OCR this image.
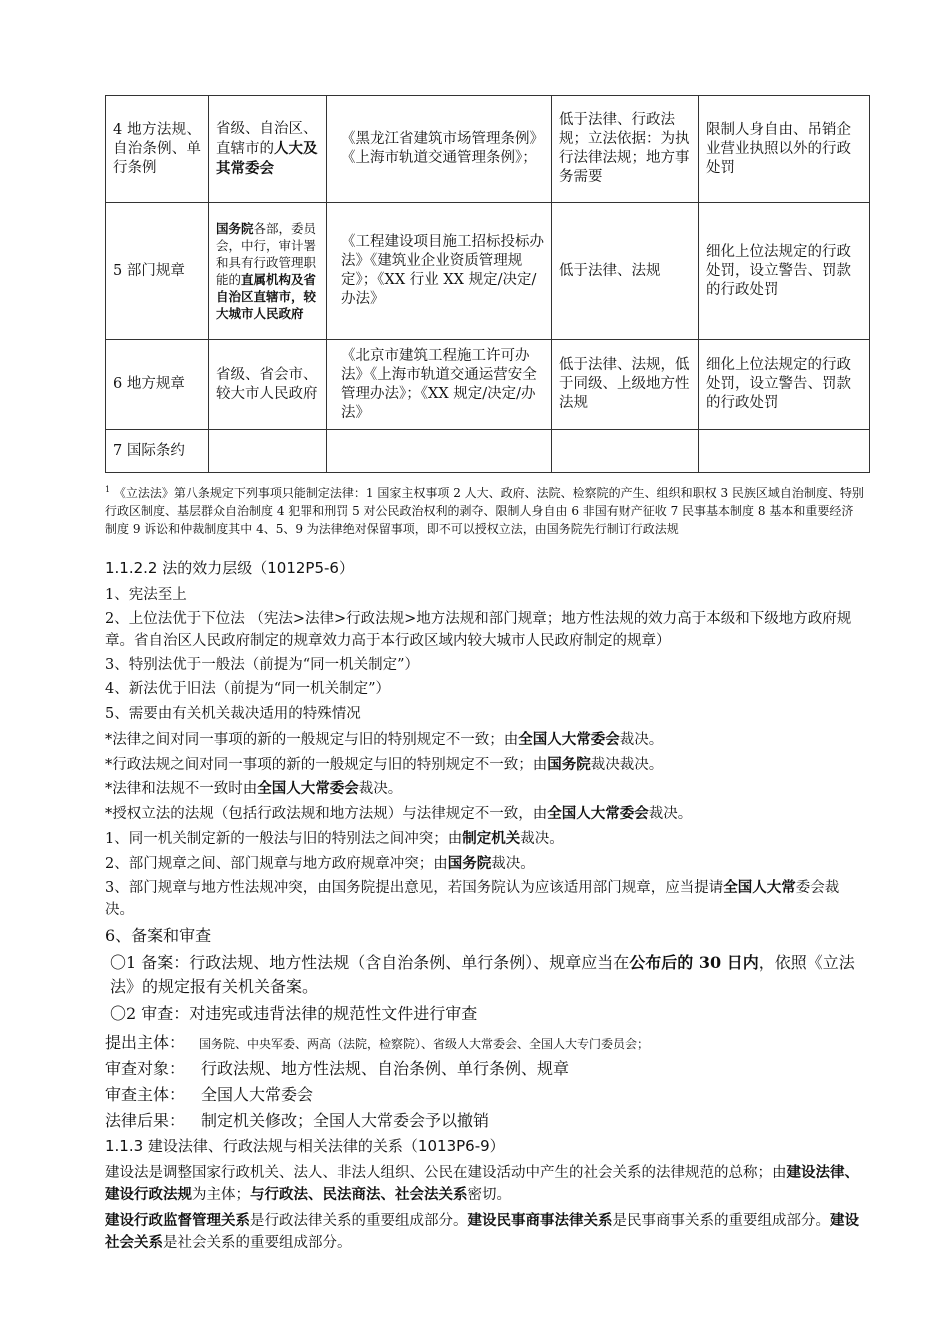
4 地方法规、自治条例、单行条例	省级、自治区、直辖市的人大及其常委会	《黑龙江省建筑市场管理条例》《上海市轨道交通管理条例》；	低于法律、行政法规；立法依据：为执行法律法规；地方事务需要	限制人身自由、吊销企业营业执照以外的行政处罚
5 部门规章	国务院各部，委员会，中行，审计署和具有行政管理职能的直属机构及省自治区直辖市，较大城市人民政府	《工程建设项目施工招标投标办法》《建筑业企业资质管理规定》；《XX 行业 XX 规定/决定/办法》	低于法律、法规	细化上位法规定的行政处罚，设立警告、罚款的行政处罚
6 地方规章	省级、省会市、较大市人民政府	《北京市建筑工程施工许可办法》《上海市轨道交通运营安全管理办法》；《XX 规定/决定/办法》	低于法律、法规，低于同级、上级地方性法规	细化上位法规定的行政处罚，设立警告、罚款的行政处罚
7 国际条约				
$^1$ 《立法法》第八条规定下列事项只能制定法律：1 国家主权事项 2 人大、政府、法院、检察院的产生、组织和职权 3 民族区域自治制度、特别行政区制度、基层群众自治制度 4 犯罪和刑罚 5 对公民政治权利的剥夺、限制人身自由 6 非国有财产征收 7 民事基本制度 8 基本和重要经济制度 9 诉讼和仲裁制度其中 4、5、9 为法律绝对保留事项，即不可以授权立法，由国务院先行制订行政法规
1.1.2.2 法的效力层级（1012P5-6）
1、宪法至上
2、上位法优于下位法 （宪法>法律>行政法规>地方法规和部门规章；地方性法规的效力高于本级和下级地方政府规章。省自治区人民政府制定的规章效力高于本行政区域内较大城市人民政府制定的规章）
3、特别法优于一般法（前提为“同一机关制定”）
4、新法优于旧法（前提为“同一机关制定”）
5、需要由有关机关裁决适用的特殊情况
*法律之间对同一事项的新的一般规定与旧的特别规定不一致；由全国人大常委会裁决。
*行政法规之间对同一事项的新的一般规定与旧的特别规定不一致；由国务院裁决裁决。
*法律和法规不一致时由全国人大常委会裁决。
*授权立法的法规（包括行政法规和地方法规）与法律规定不一致，由全国人大常委会裁决。
1、同一机关制定新的一般法与旧的特别法之间冲突；由制定机关裁决。
2、部门规章之间、部门规章与地方政府规章冲突；由国务院裁决。
3、部门规章与地方性法规冲突，由国务院提出意见，若国务院认为应该适用部门规章，应当提请全国人大常委会裁决。
6、备案和审查
〇1 备案：行政法规、地方性法规（含自治条例、单行条例）、规章应当在公布后的 30 日内，依照《立法法》的规定报有关机关备案。
〇2 审查：对违宪或违背法律的规范性文件进行审查
提出主体： 国务院、中央军委、两高（法院，检察院）、省级人大常委会、全国人大专门委员会；
审查对象： 行政法规、地方性法规、自治条例、单行条例、规章
审查主体： 全国人大常委会
法律后果： 制定机关修改；全国人大常委会予以撤销
1.1.3 建设法律、行政法规与相关法律的关系（1013P6-9）
建设法是调整国家行政机关、法人、非法人组织、公民在建设活动中产生的社会关系的法律规范的总称；由建设法律、建设行政法规为主体；与行政法、民法商法、社会法关系密切。
建设行政监督管理关系是行政法律关系的重要组成部分。建设民事商事法律关系是民事商事关系的重要组成部分。建设社会关系是社会关系的重要组成部分。
